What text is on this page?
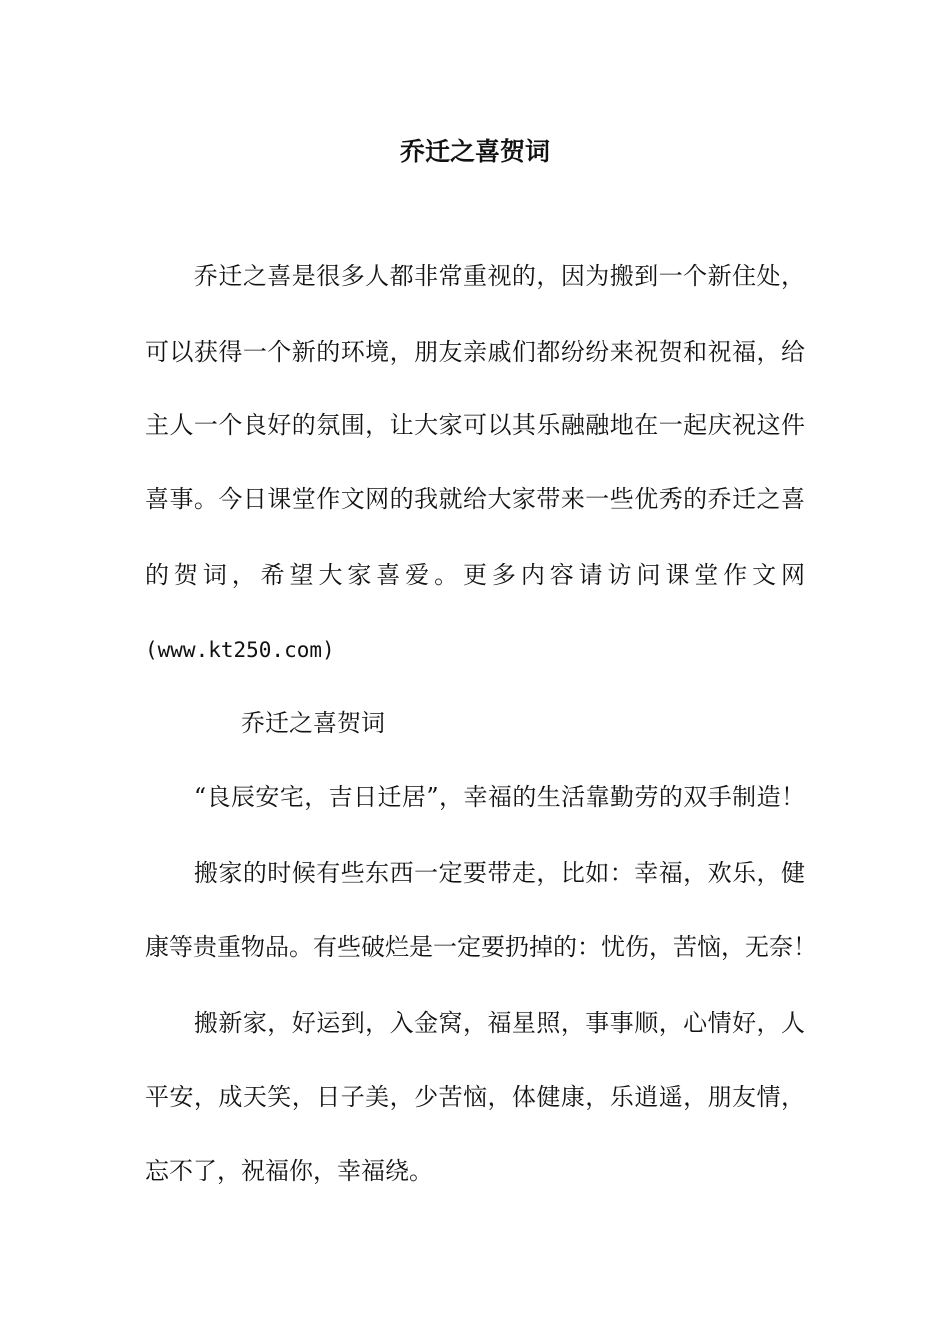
乔迁之喜贺词

　　乔迁之喜是很多人都非常重视的，因为搬到一个新住处，

可以获得一个新的环境，朋友亲戚们都纷纷来祝贺和祝福，给

主人一个良好的氛围，让大家可以其乐融融地在一起庆祝这件

喜事。今日课堂作文网的我就给大家带来一些优秀的乔迁之喜

的贺词，希望大家喜爱。更多内容请访问课堂作文网

(www.kt250.com)

　　　　乔迁之喜贺词

　　“良辰安宅，吉日迁居”，幸福的生活靠勤劳的双手制造！

　　搬家的时候有些东西一定要带走，比如：幸福，欢乐，健

康等贵重物品。有些破烂是一定要扔掉的：忧伤，苦恼，无奈！

　　搬新家，好运到，入金窝，福星照，事事顺，心情好，人

平安，成天笑，日子美，少苦恼，体健康，乐逍遥，朋友情，

忘不了，祝福你，幸福绕。
